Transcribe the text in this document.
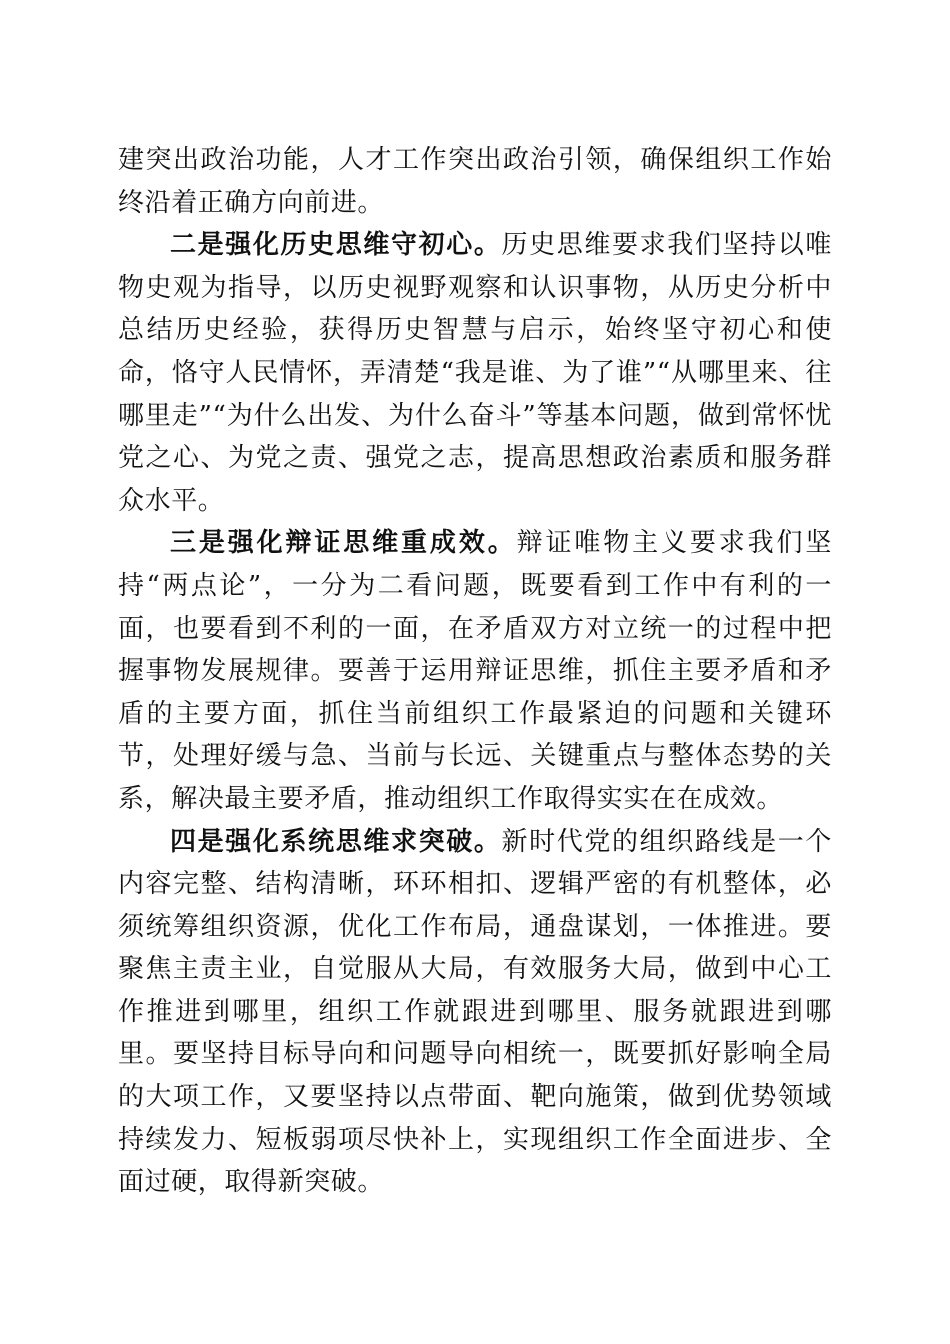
建突出政治功能，人才工作突出政治引领，确保组织工作始终沿着正确方向前进。

二是强化历史思维守初心。历史思维要求我们坚持以唯物史观为指导，以历史视野观察和认识事物，从历史分析中总结历史经验，获得历史智慧与启示，始终坚守初心和使命，恪守人民情怀，弄清楚“我是谁、为了谁”“从哪里来、往哪里走”“为什么出发、为什么奋斗”等基本问题，做到常怀忧党之心、为党之责、强党之志，提高思想政治素质和服务群众水平。

三是强化辩证思维重成效。辩证唯物主义要求我们坚持“两点论”，一分为二看问题，既要看到工作中有利的一面，也要看到不利的一面，在矛盾双方对立统一的过程中把握事物发展规律。要善于运用辩证思维，抓住主要矛盾和矛盾的主要方面，抓住当前组织工作最紧迫的问题和关键环节，处理好缓与急、当前与长远、关键重点与整体态势的关系，解决最主要矛盾，推动组织工作取得实实在在成效。

四是强化系统思维求突破。新时代党的组织路线是一个内容完整、结构清晰，环环相扣、逻辑严密的有机整体，必须统筹组织资源，优化工作布局，通盘谋划，一体推进。要聚焦主责主业，自觉服从大局，有效服务大局，做到中心工作推进到哪里，组织工作就跟进到哪里、服务就跟进到哪里。要坚持目标导向和问题导向相统一，既要抓好影响全局的大项工作，又要坚持以点带面、靶向施策，做到优势领域持续发力、短板弱项尽快补上，实现组织工作全面进步、全面过硬，取得新突破。
